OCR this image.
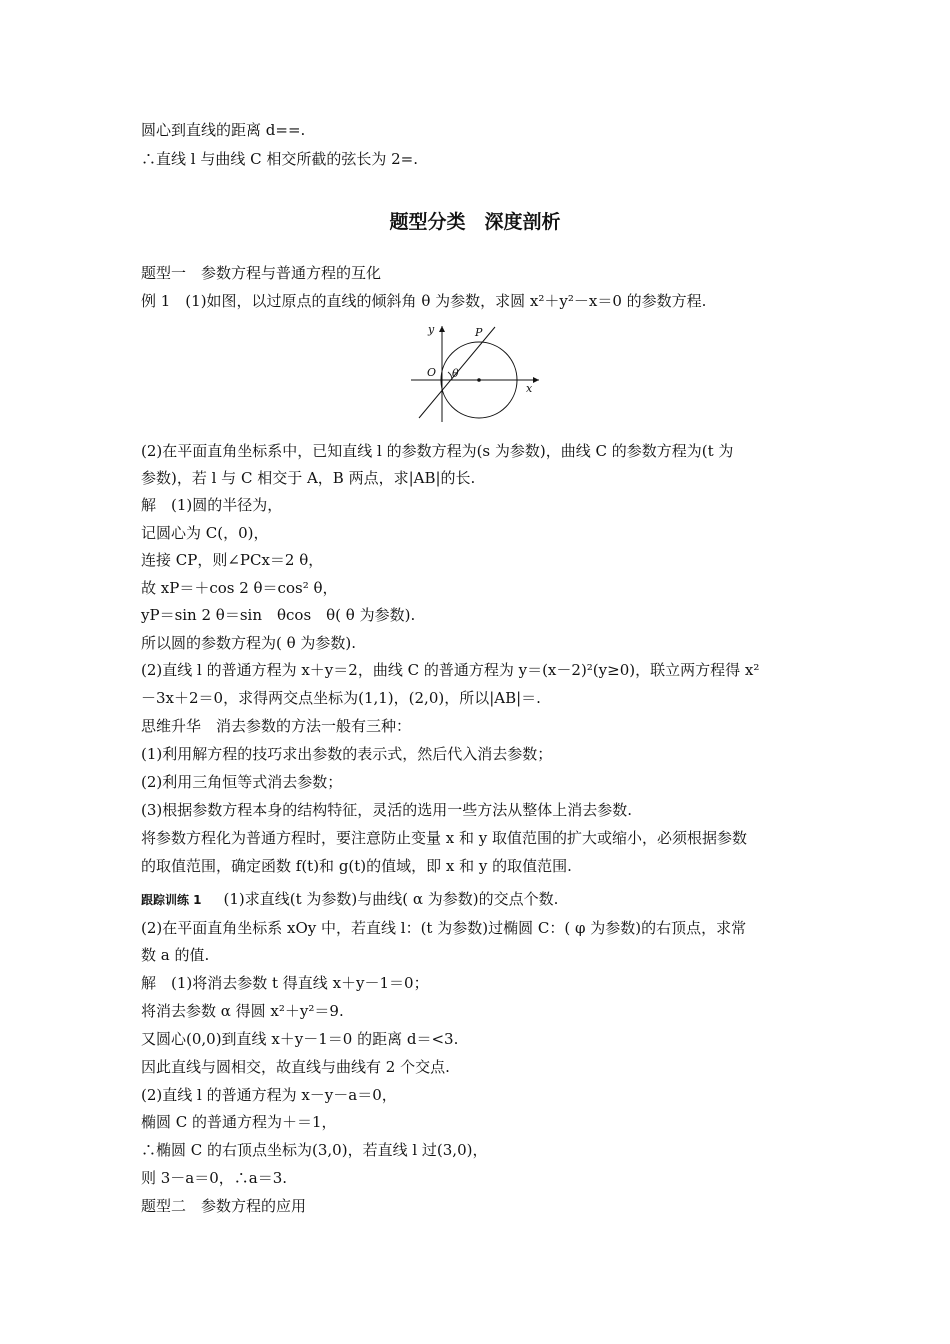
圆心到直线的距离 d==.
∴直线 l 与曲线 C 相交所截的弦长为 2=.
题型分类　深度剖析
题型一　参数方程与普通方程的互化
例 1　(1)如图，以过原点的直线的倾斜角 θ 为参数，求圆 x²＋y²－x＝0 的参数方程.
y	P
O θ
x
(2)在平面直角坐标系中，已知直线 l 的参数方程为(s 为参数)，曲线 C 的参数方程为(t 为
参数)，若 l 与 C 相交于 A，B 两点，求|AB|的长.
解　(1)圆的半径为，
记圆心为 C(，0)，
连接 CP，则∠PCx＝2 θ，
故 xP＝＋cos 2 θ＝cos² θ，
yP＝sin 2 θ＝sin　θcos　θ( θ 为参数).
所以圆的参数方程为( θ 为参数).
(2)直线 l 的普通方程为 x＋y＝2，曲线 C 的普通方程为 y＝(x－2)²(y≥0)，联立两方程得 x²
－3x＋2＝0，求得两交点坐标为(1,1)，(2,0)，所以|AB|＝.
思维升华　消去参数的方法一般有三种：
(1)利用解方程的技巧求出参数的表示式，然后代入消去参数；
(2)利用三角恒等式消去参数；
(3)根据参数方程本身的结构特征，灵活的选用一些方法从整体上消去参数.
将参数方程化为普通方程时，要注意防止变量 x 和 y 取值范围的扩大或缩小，必须根据参数
的取值范围，确定函数 f(t)和 g(t)的值域，即 x 和 y 的取值范围.
跟踪训练 1 (1)求直线(t 为参数)与曲线( α 为参数)的交点个数.
(2)在平面直角坐标系 xOy 中，若直线 l：(t 为参数)过椭圆 C：( φ 为参数)的右顶点，求常
数 a 的值.
解　(1)将消去参数 t 得直线 x＋y－1＝0；
将消去参数 α 得圆 x²＋y²＝9.
又圆心(0,0)到直线 x＋y－1＝0 的距离 d＝<3.
因此直线与圆相交，故直线与曲线有 2 个交点.
(2)直线 l 的普通方程为 x－y－a＝0，
椭圆 C 的普通方程为＋＝1，
∴椭圆 C 的右顶点坐标为(3,0)，若直线 l 过(3,0)，
则 3－a＝0，∴a＝3.
题型二　参数方程的应用
